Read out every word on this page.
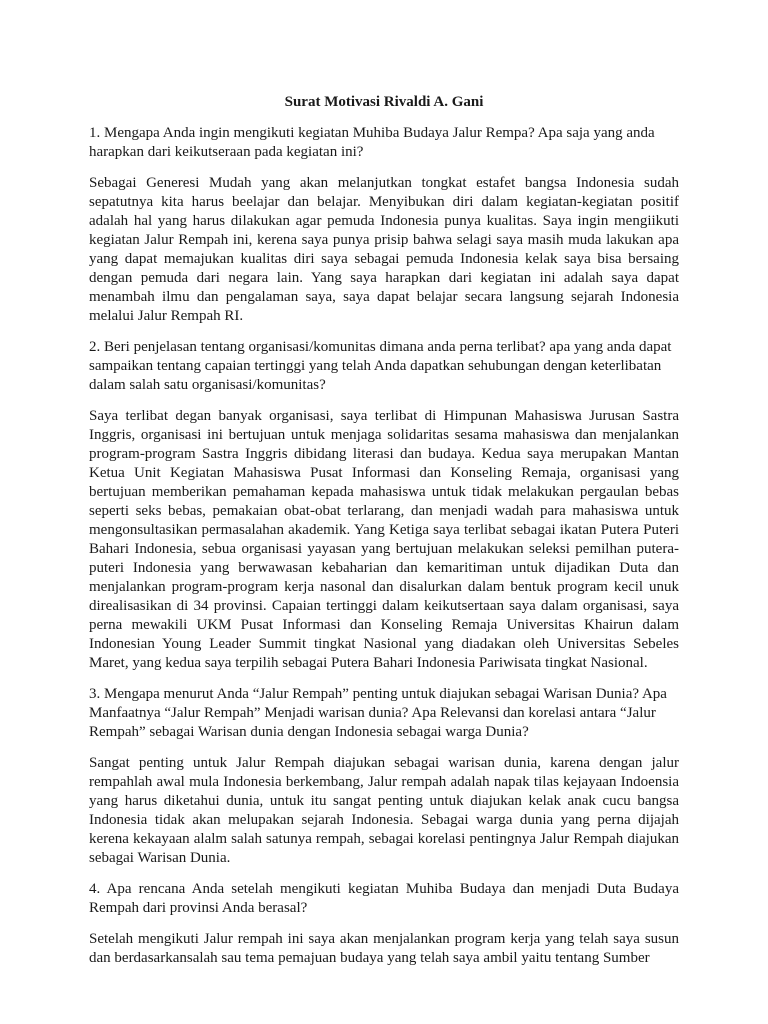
Surat Motivasi Rivaldi A. Gani

1. Mengapa Anda ingin mengikuti kegiatan Muhiba Budaya Jalur Rempa? Apa saja yang anda harapkan dari keikutseraan pada kegiatan ini?

Sebagai Generesi Mudah yang akan melanjutkan tongkat estafet bangsa Indonesia sudah sepatutnya kita harus beelajar dan belajar. Menyibukan diri dalam kegiatan-kegiatan positif adalah hal yang harus dilakukan agar pemuda Indonesia punya kualitas. Saya ingin mengiikuti kegiatan Jalur Rempah ini, kerena saya punya prisip bahwa selagi saya masih muda lakukan apa yang dapat memajukan kualitas diri saya sebagai pemuda Indonesia kelak saya bisa bersaing dengan pemuda dari negara lain. Yang saya harapkan dari kegiatan ini adalah saya dapat menambah ilmu dan pengalaman saya, saya dapat belajar secara langsung sejarah Indonesia melalui Jalur Rempah RI.

2. Beri penjelasan tentang organisasi/komunitas dimana anda perna terlibat? apa yang anda dapat sampaikan tentang capaian tertinggi yang telah Anda dapatkan sehubungan dengan keterlibatan dalam salah satu organisasi/komunitas?

Saya terlibat degan banyak organisasi, saya terlibat di Himpunan Mahasiswa Jurusan Sastra Inggris, organisasi ini bertujuan untuk menjaga solidaritas sesama mahasiswa dan menjalankan program-program Sastra Inggris dibidang literasi dan budaya. Kedua saya merupakan Mantan Ketua Unit Kegiatan Mahasiswa Pusat Informasi dan Konseling Remaja, organisasi yang bertujuan memberikan pemahaman kepada mahasiswa untuk tidak melakukan pergaulan bebas seperti seks bebas, pemakaian obat-obat terlarang, dan menjadi wadah para mahasiswa untuk mengonsultasikan permasalahan akademik. Yang Ketiga saya terlibat sebagai ikatan Putera Puteri Bahari Indonesia, sebua organisasi yayasan yang bertujuan melakukan seleksi pemilhan putera-puteri Indonesia yang berwawasan kebaharian dan kemaritiman untuk dijadikan Duta dan menjalankan program-program kerja nasonal dan disalurkan dalam bentuk program kecil unuk direalisasikan di 34 provinsi. Capaian tertinggi dalam keikutsertaan saya dalam organisasi, saya perna mewakili UKM Pusat Informasi dan Konseling Remaja Universitas Khairun dalam Indonesian Young Leader Summit tingkat Nasional yang diadakan oleh Universitas Sebeles Maret, yang kedua saya terpilih sebagai Putera Bahari Indonesia Pariwisata tingkat Nasional.

3. Mengapa menurut Anda “Jalur Rempah” penting untuk diajukan sebagai Warisan Dunia? Apa Manfaatnya “Jalur Rempah” Menjadi warisan dunia? Apa Relevansi dan korelasi antara “Jalur Rempah” sebagai Warisan dunia dengan Indonesia sebagai warga Dunia?

Sangat penting untuk Jalur Rempah diajukan sebagai warisan dunia, karena dengan jalur rempahlah awal mula Indonesia berkembang, Jalur rempah adalah napak tilas kejayaan Indoensia yang harus diketahui dunia, untuk itu sangat penting untuk diajukan kelak anak cucu bangsa Indonesia tidak akan melupakan sejarah Indonesia. Sebagai warga dunia yang perna dijajah kerena kekayaan alalm salah satunya rempah, sebagai korelasi pentingnya Jalur Rempah diajukan sebagai Warisan Dunia.

4. Apa rencana Anda setelah mengikuti kegiatan Muhiba Budaya dan menjadi Duta Budaya Rempah dari provinsi Anda berasal?

Setelah mengikuti Jalur rempah ini saya akan menjalankan program kerja yang telah saya susun dan berdasarkansalah sau tema pemajuan budaya yang telah saya ambil yaitu tentang Sumber
